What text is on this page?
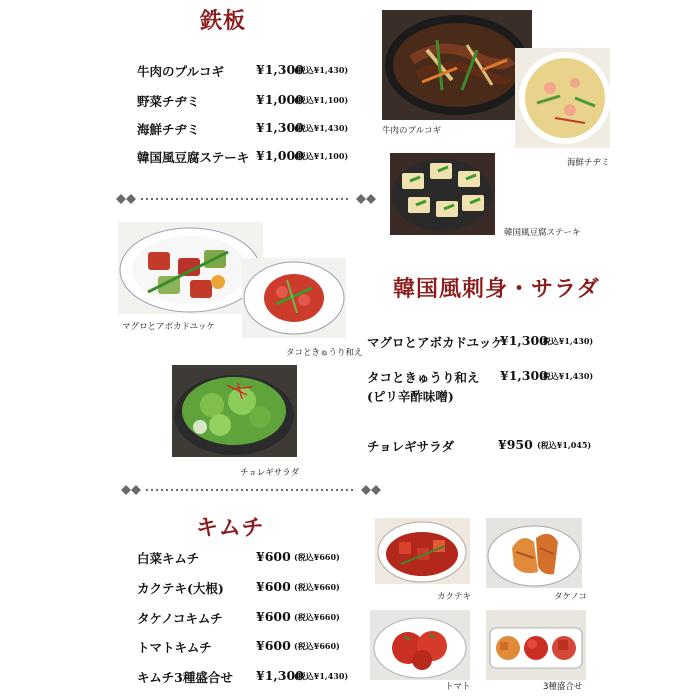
鉄板
牛肉のプルコギ	¥1,300
(税込¥1,430)
野菜チヂミ	¥1,000
(税込¥1,100)
海鮮チヂミ	¥1,300
(税込¥1,430)
韓国風豆腐ステーキ ¥1,000
(税込¥1,100)
牛肉のプルコギ
海鮮チヂミ
韓国風豆腐ステーキ
マグロとアボカドユッケ
タコときゅうり和え
チョレギサラダ
韓国風刺身・サラダ
マグロとアボカドユッケ
¥1,300
(税込¥1,430)
タコときゅうり和え ¥1,300
(税込¥1,430)
(ピリ辛酢味噌)
チョレギサラダ	¥950 (税込¥1,045)
キムチ
白菜キムチ	¥600 (税込¥660)
カクテキ(大根)	¥600 (税込¥660)
タケノコキムチ	¥600 (税込¥660)
トマトキムチ	¥600 (税込¥660)
キムチ3種盛合せ ¥1,300
(税込¥1,430)
カクテキ	タケノコ
トマト	3種盛合せ
